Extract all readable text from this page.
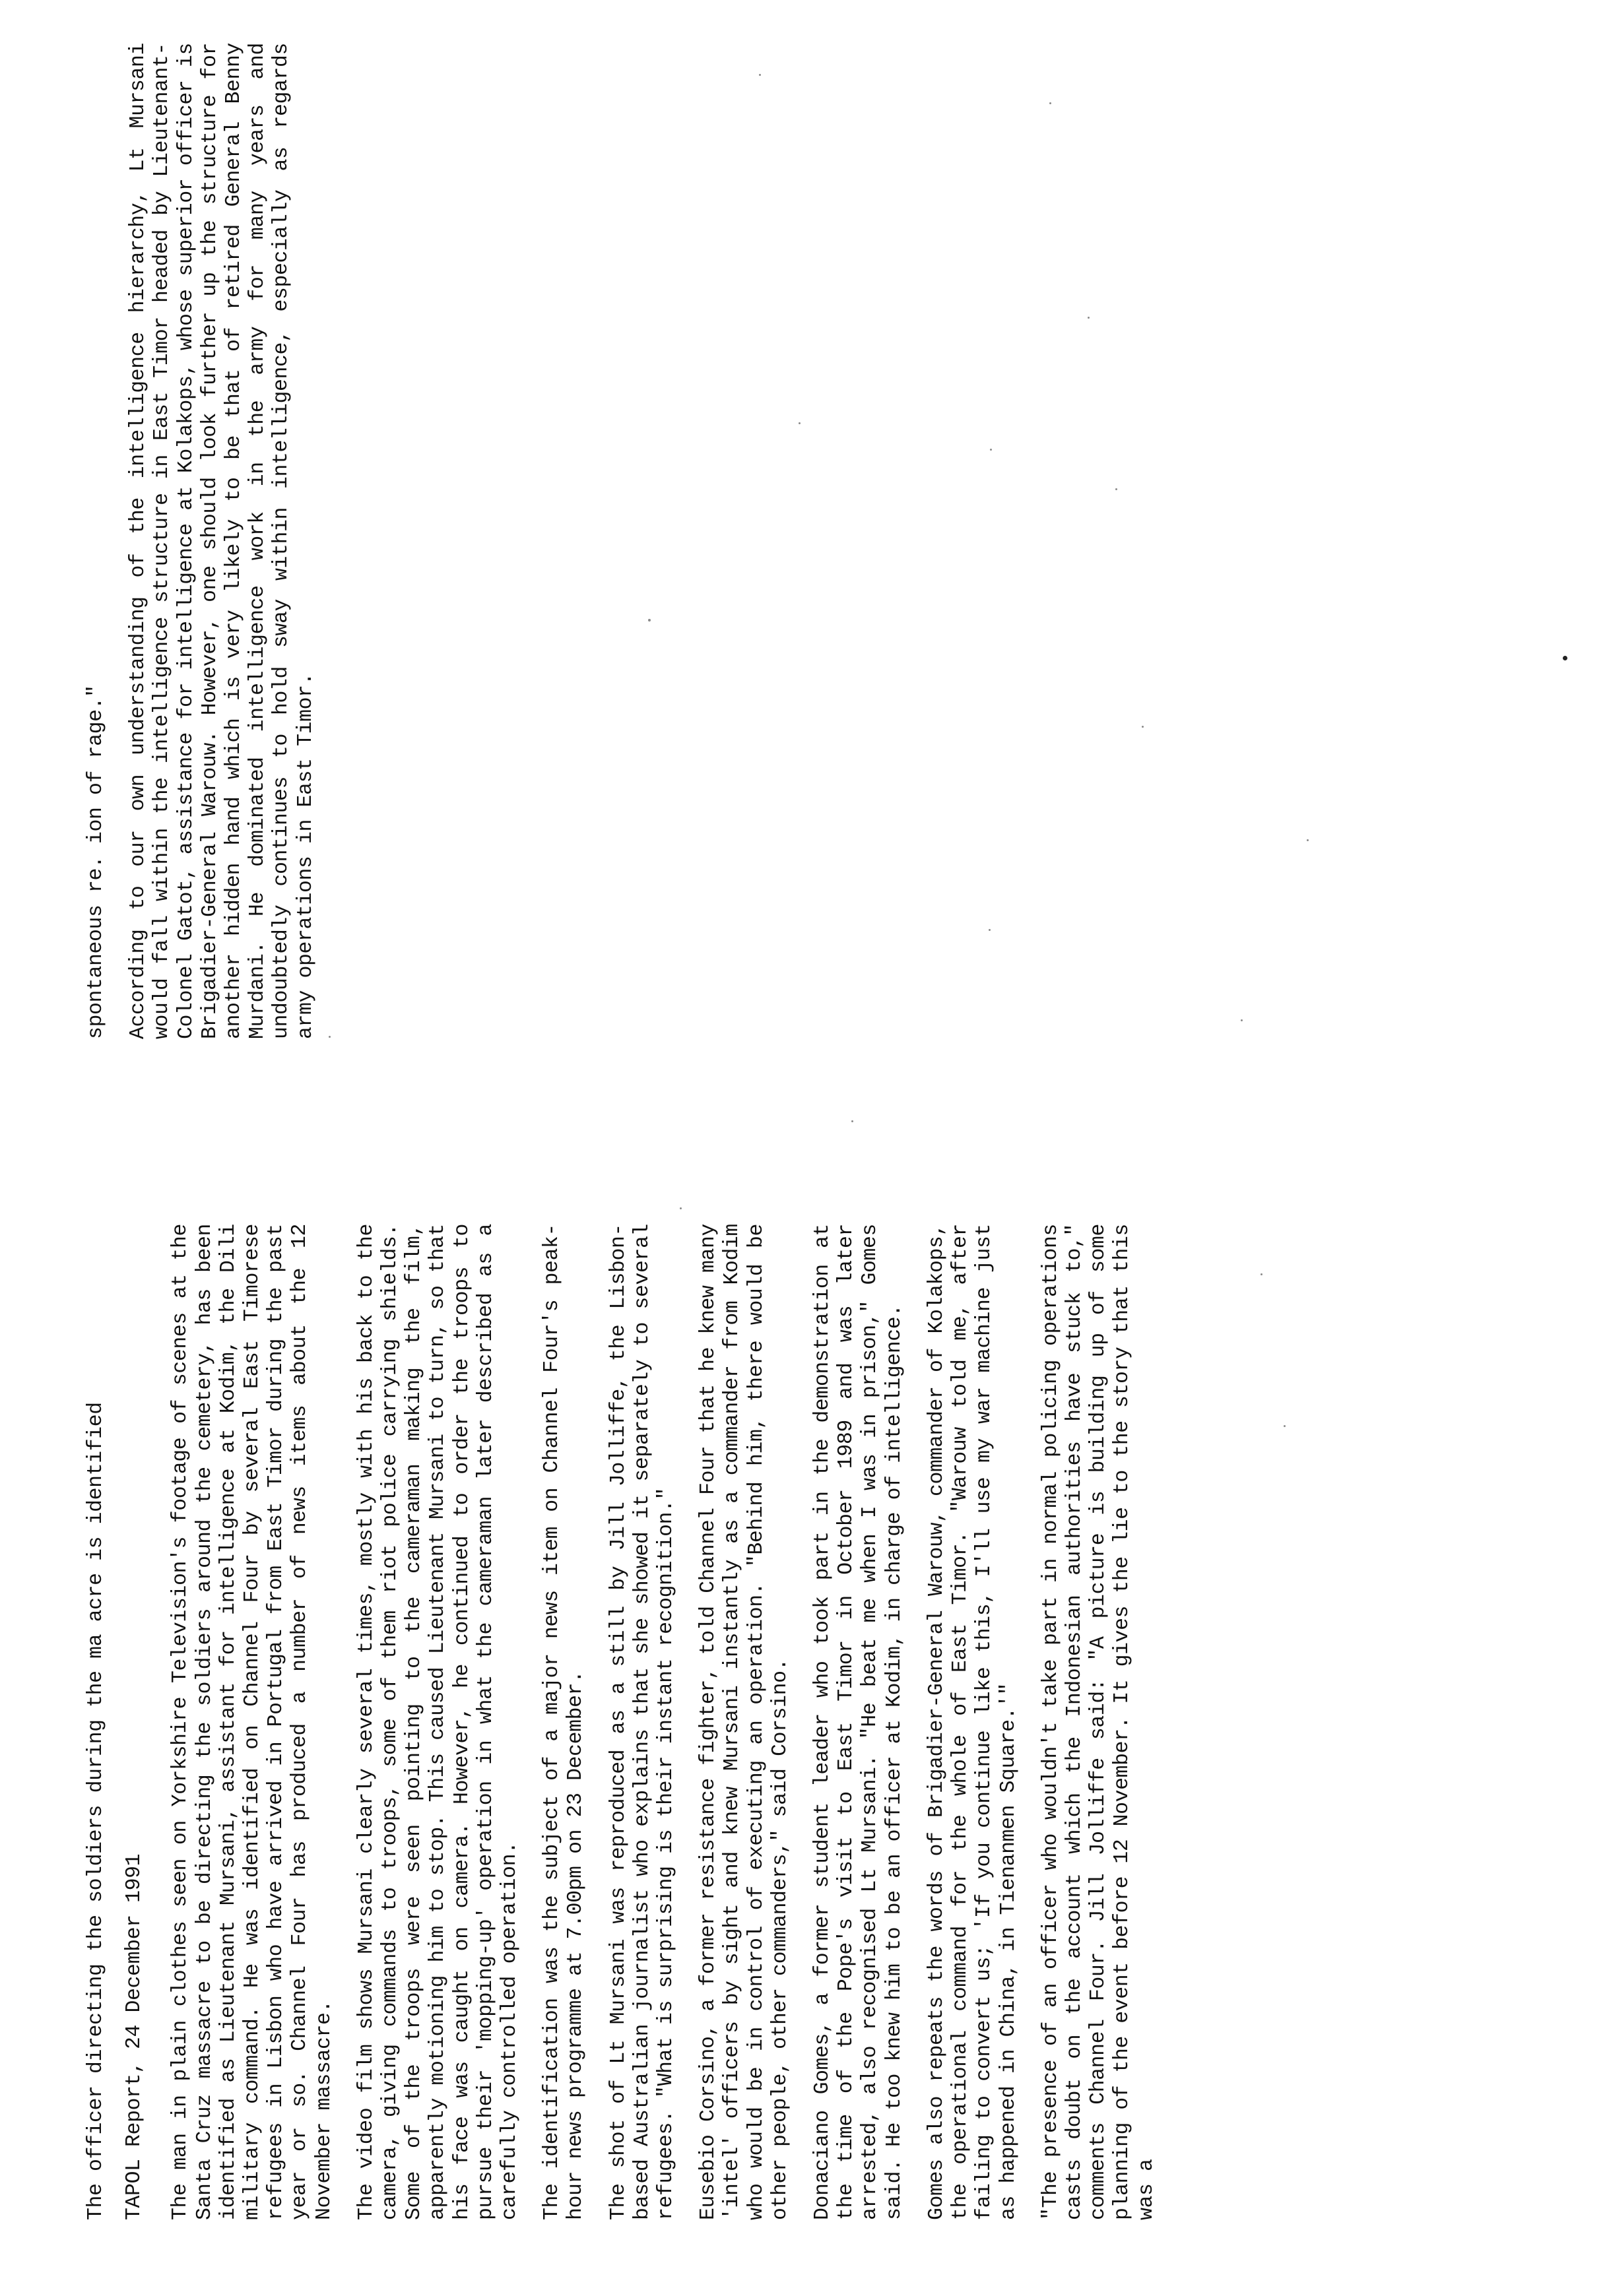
The officer directing the soldiers during the ma acre is identified TAPOL Report, 24 December 1991 The man in plain clothes seen on Yorkshire Television's footage of scenes at the Santa Cruz massacre to be directing the soldiers around the cemetery, has been identified as Lieutenant Mursani, assistant for intelligence at Kodim, the Dili military command. He was identified on Channel Four by several East Timorese refugees in Lisbon who have arrived in Portugal from East Timor during the past year or so. Channel Four has produced a number of news items about the 12 November massacre. The video film shows Mursani clearly several times, mostly with his back to the camera, giving commands to troops, some of them riot police carrying shields. Some of the troops were seen pointing to the cameraman making the film, apparently motioning him to stop. This caused Lieutenant Mursani to turn, so that his face was caught on camera. However, he continued to order the troops to pursue their 'mopping-up' operation in what the cameraman later described as a carefully controlled operation. The identification was the subject of a major news item on Channel Four's peak-hour news programme at 7.00pm on 23 December. The shot of Lt Mursani was reproduced as a still by Jill Jolliffe, the Lisbon-based Australian journalist who explains that she showed it separately to several refugees. "What is surprising is their instant recognition." Eusebio Corsino, a former resistance fighter, told Channel Four that he knew many 'intel' officers by sight and knew Mursani instantly as a commander from Kodim who would be in control of executing an operation. "Behind him, there would be other people, other commanders," said Corsino. Donaciano Gomes, a former student leader who took part in the demonstration at the time of the Pope's visit to East Timor in October 1989 and was later arrested, also recognised Lt Mursani. "He beat me when I was in prison," Gomes said. He too knew him to be an officer at Kodim, in charge of intelligence. Gomes also repeats the words of Brigadier-General Warouw, commander of Kolakops, the operational command for the whole of East Timor. "Warouw told me, after failing to convert us; 'If you continue like this, I'll use my war machine just as happened in China, in Tienanmen Square.'" "The presence of an officer who wouldn't take part in normal policing operations casts doubt on the account which the Indonesian authorities have stuck to," comments Channel Four. Jill Jolliffe said: "A picture is building up of some planning of the event before 12 November. It gives the lie to the story that this was a

spontaneous re. ion of rage." According to our own understanding of the intelligence hierarchy, Lt Mursani would fall within the intelligence structure in East Timor headed by Lieutenant-Colonel Gatot, assistance for intelligence at Kolakops, whose superior officer is Brigadier-General Warouw. However, one should look further up the structure for another hidden hand which is very likely to be that of retired General Benny Murdani. He dominated intelligence work in the army for many years and undoubtedly continues to hold sway within intelligence, especially as regards army operations in East Timor.
